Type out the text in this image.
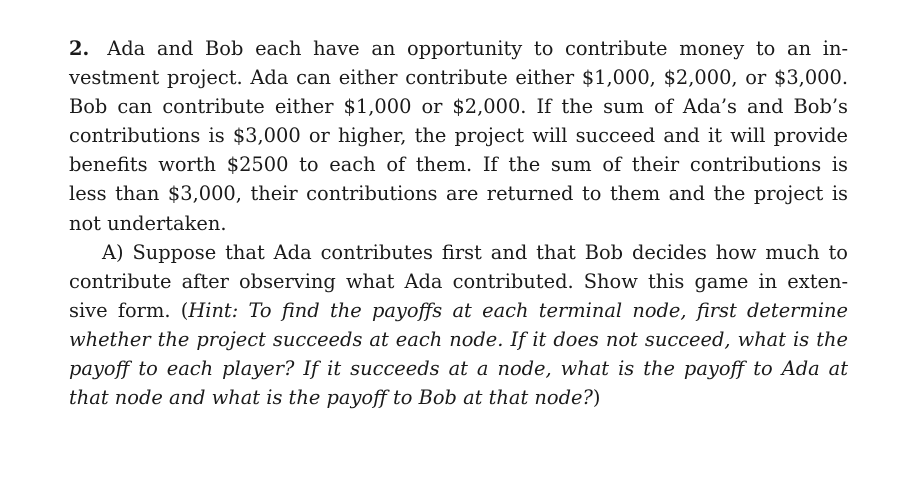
2. Ada and Bob each have an opportunity to contribute money to an in-
vestment project. Ada can either contribute either $1,000, $2,000, or $3,000.
Bob can contribute either $1,000 or $2,000. If the sum of Ada’s and Bob’s
contributions is $3,000 or higher, the project will succeed and it will provide
benefits worth $2500 to each of them. If the sum of their contributions is
less than $3,000, their contributions are returned to them and the project is
not undertaken.
A) Suppose that Ada contributes first and that Bob decides how much to
contribute after observing what Ada contributed. Show this game in exten-
sive form. (Hint: To find the payoffs at each terminal node, first determine
whether the project succeeds at each node. If it does not succeed, what is the
payoff to each player? If it succeeds at a node, what is the payoff to Ada at
that node and what is the payoff to Bob at that node?)
